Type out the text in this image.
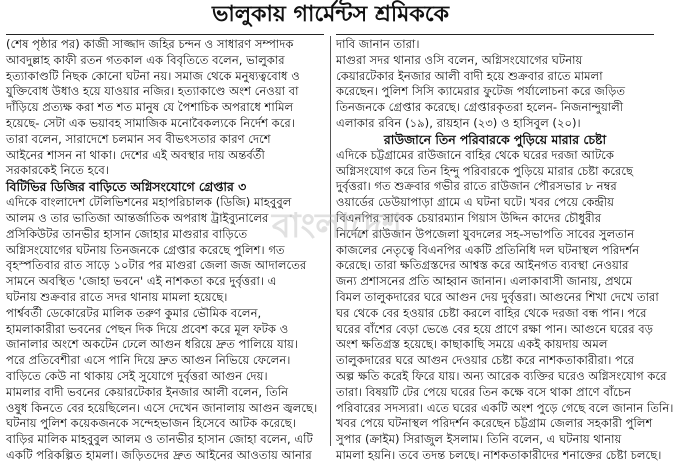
ভালুকায় গার্মেন্টস শ্রমিককে
(শেষ পৃষ্ঠার পর) কাজী সাজ্জাদ জহির চন্দন ও সাধারণ সম্পাদক
আবদুল্লাহ কাফী রতন গতকাল এক বিবৃতিতে বলেন, ভালুকার
হত্যাকাণ্ডটি নিছক কোনো ঘটনা নয়। সমাজ থেকে মনুষ্যত্ববোধ ও
যুক্তিবোধ উধাও হয়ে যাওয়ার নজির। হত্যাকাণ্ডে অংশ নেওয়া বা
দাঁড়িয়ে প্রত্যক্ষ করা শত শত মানুষ যে পৈশাচিক অপরাধে শামিল
হয়েছে- সেটা এক ভয়াবহ সামাজিক মনোবৈকল্যকে নির্দেশ করে।
তারা বলেন, সারাদেশে চলমান সব বীভৎসতার কারণ দেশে
আইনের শাসন না থাকা। দেশের এই অবস্থার দায় অন্তর্বর্তী
সরকারকেই নিতে হবে।
বিটিভির ডিজির বাড়িতে অগ্নিসংযোগে গ্রেপ্তার ৩
এদিকে বাংলাদেশ টেলিভিশনের মহাপরিচালক (ডিজি) মাহবুবুল
আলম ও তার ভাতিজা আন্তর্জাতিক অপরাধ ট্রাইব্যুনালের
প্রসিকিউটর তানভীর হাসান জোহার মাগুরার বাড়িতে
অগ্নিসংযোগের ঘটনায় তিনজনকে গ্রেপ্তার করেছে পুলিশ। গত
বৃহস্পতিবার রাত সাড়ে ১০টার পর মাগুরা জেলা জজ আদালতের
সামনে অবস্থিত 'জোহা ভবনে' এই নাশকতা করে দুর্বৃত্তরা। এ
ঘটনায় শুক্রবার রাতে সদর থানায় মামলা হয়েছে।
পার্শ্ববর্তী ডেকোরেটর মালিক তরুণ কুমার ভৌমিক বলেন,
হামলাকারীরা ভবনের পেছন দিক দিয়ে প্রবেশ করে মূল ফটক ও
জানালার অংশে অকটেন ঢেলে আগুন ধরিয়ে দ্রুত পালিয়ে যায়।
পরে প্রতিবেশীরা এসে পানি দিয়ে দ্রুত আগুন নিভিয়ে ফেলেন।
বাড়িতে কেউ না থাকায় সেই সুযোগে দুর্বৃত্তরা আগুন দেয়।
মামলার বাদী ভবনের কেয়ারটেকার ইনজার আলী বলেন, তিনি
ওষুধ কিনতে বের হয়েছিলেন। এসে দেখেন জানালায় আগুন জ্বলছে।
ঘটনায় পুলিশ কয়েকজনকে সন্দেহভাজন হিসেবে আটক করেছে।
বাড়ির মালিক মাহবুবুল আলম ও তানভীর হাসান জোহা বলেন, এটি
একটি পরিকল্পিত হামলা। জড়িতদের দ্রুত আইনের আওতায় আনার
দাবি জানান তারা।
মাগুরা সদর থানার ওসি বলেন, অগ্নিসংযোগের ঘটনায়
কেয়ারটেকার ইনজার আলী বাদী হয়ে শুক্রবার রাতে মামলা
করেছেন। পুলিশ সিসি ক্যামেরার ফুটেজ পর্যালোচনা করে জড়িত
তিনজনকে গ্রেপ্তার করেছে। গ্রেপ্তারকৃতরা হলেন- নিজনান্দুয়ালী
এলাকার রবিন (১৯), রায়হান (২৩) ও হাসিবুল (২০)।
রাউজানে তিন পরিবারকে পুড়িয়ে মারার চেষ্টা
এদিকে চট্টগ্রামের রাউজানে বাহির থেকে ঘরের দরজা আটকে
অগ্নিসংযোগ করে তিন হিন্দু পরিবারকে পুড়িয়ে মারার চেষ্টা করেছে
দুর্বৃত্তরা। গত শুক্রবার গভীর রাতে রাউজান পৌরসভার ৮ নম্বর
ওয়ার্ডের ডেউয়াপাড়া গ্রামে এ ঘটনা ঘটে। খবর পেয়ে কেন্দ্রীয়
বিএনপির সাবেক চেয়ারম্যান গিয়াস উদ্দিন কাদের চৌধুরীর
নির্দেশে রাউজান উপজেলা যুবদলের সহ-সভাপতি সাবের সুলতান
কাজলের নেতৃত্বে বিএনপির একটি প্রতিনিধি দল ঘটনাস্থল পরিদর্শন
করেছে। তারা ক্ষতিগ্রস্তদের আশ্বস্ত করে আইনগত ব্যবস্থা নেওয়ার
জন্য প্রশাসনের প্রতি আহ্বান জানান। এলাকাবাসী জানায়, প্রথমে
বিমল তালুকদারের ঘরে আগুন দেয় দুর্বৃত্তরা। আগুনের শিখা দেখে তারা
ঘর থেকে বের হওয়ার চেষ্টা করলে বাহির থেকে দরজা বন্ধ পান। পরে
ঘরের বাঁশের বেড়া ভেঙে বের হয়ে প্রাণে রক্ষা পান। আগুনে ঘরের বড়
অংশ ক্ষতিগ্রস্ত হয়েছে। কাছাকাছি সময়ে একই কায়দায় অমল
তালুকদারের ঘরে আগুন দেওয়ার চেষ্টা করে নাশকতাকারীরা। পরে
অল্প ক্ষতি করেই ফিরে যায়। অন্য আরেক ব্যক্তির ঘরেও অগ্নিসংযোগ করে
তারা। বিষয়টি টের পেয়ে ঘরের তিন কক্ষে বসে থাকা প্রাণে বাঁচেন
পরিবারের সদস্যরা। এতে ঘরের একটি অংশ পুড়ে গেছে বলে জানান তিনি।
খবর পেয়ে ঘটনাস্থল পরিদর্শন করেছেন চট্টগ্রাম জেলার সহকারী পুলিশ
সুপার (ক্রাইম) সিরাজুল ইসলাম। তিনি বলেন, এ ঘটনায় থানায়
মামলা হয়নি। তবে তদন্ত চলছে। নাশকতাকারীদের শনাক্তের চেষ্টা চলছে।
বাংলাদেশ
